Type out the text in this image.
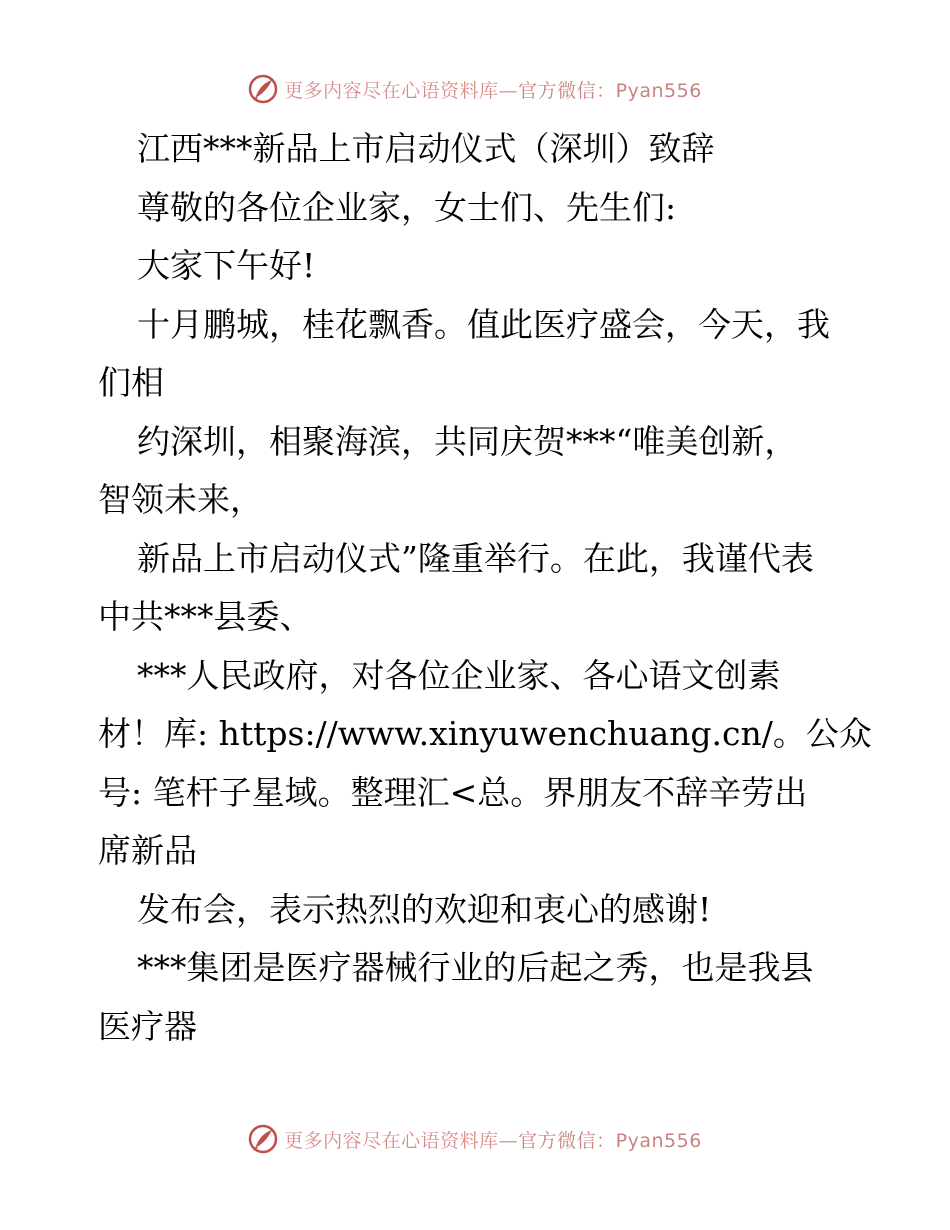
更多内容尽在心语资料库—官方微信：Pyan556
江西***新品上市启动仪式（深圳）致辞
尊敬的各位企业家，女士们、先生们:
大家下午好!
十月鹏城，桂花飘香。值此医疗盛会，今天，我
们相
约深圳，相聚海滨，共同庆贺***“唯美创新，
智领未来，
新品上市启动仪式”隆重举行。在此，我谨代表
中共***县委、
***人民政府，对各位企业家、各心语文创素
材！库: https://www.xinyuwenchuang.cn/。公众
号: 笔杆子星域。整理汇<总。界朋友不辞辛劳出
席新品
发布会，表示热烈的欢迎和衷心的感谢!
***集团是医疗器械行业的后起之秀，也是我县
医疗器
更多内容尽在心语资料库—官方微信：Pyan556
